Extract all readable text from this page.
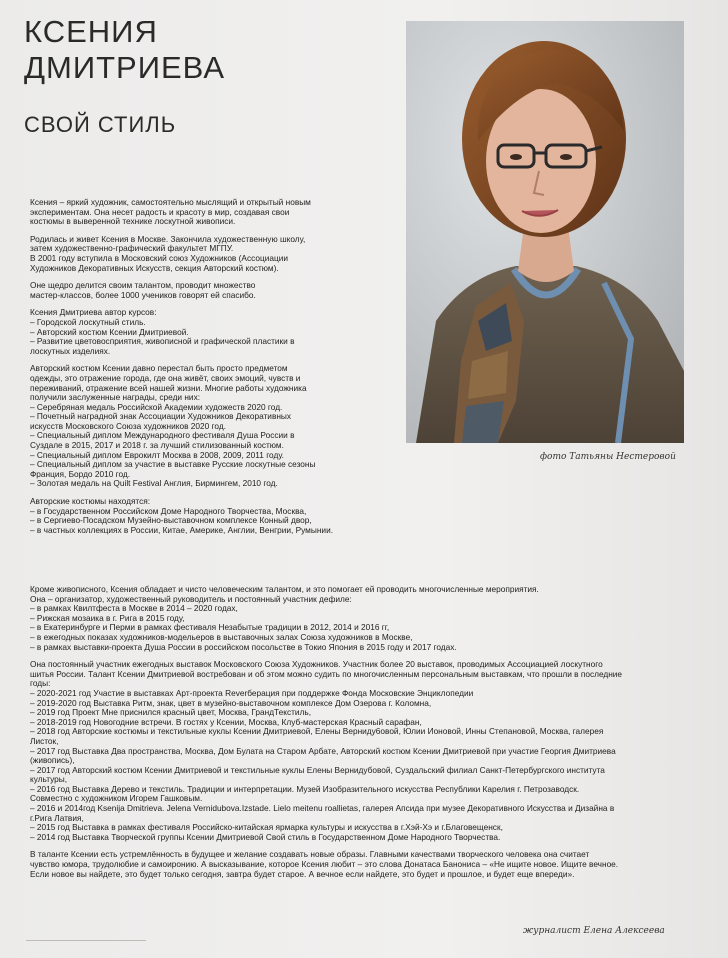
КСЕНИЯ
ДМИТРИЕВА
СВОЙ СТИЛЬ
фото Татьяны Нестеровой
Ксения – яркий художник, самостоятельно мыслящий и открытый новым
экспериментам. Она несет радость и красоту в мир, создавая свои
костюмы в выверенной технике лоскутной живописи.
Родилась и живет Ксения в Москве. Закончила художественную школу,
затем художественно-графический факультет МГПУ.
В 2001 году вступила в Московский союз Художников (Ассоциации
Художников Декоративных Искусств, секция Авторский костюм).
Оне щедро делится своим талантом, проводит множество
мастер-классов, более 1000 учеников говорят ей спасибо.
Ксения Дмитриева автор курсов:
– Городской лоскутный стиль.
– Авторский костюм Ксении Дмитриевой.
– Развитие цветовосприятия, живописной и графической пластики в
лоскутных изделиях.
Авторский костюм Ксении давно перестал быть просто предметом
одежды, это отражение города, где она живёт, своих эмоций, чувств и
переживаний, отражение всей нашей жизни. Многие работы художника
получили заслуженные награды, среди них:
– Серебряная медаль Российской Академии художеств 2020 год.
– Почетный наградной знак Ассоциации Художников Декоративных
искусств Московского Союза художников 2020 год.
– Специальный диплом Международного фестиваля Душа России в
Суздале в 2015, 2017 и 2018 г. за лучший стилизованный костюм.
– Специальный диплом Еврокилт Москва в 2008, 2009, 2011 году.
– Специальный диплом за участие в выставке Русские лоскутные сезоны
Франция, Бордо 2010 год.
– Золотая медаль на Quilt Festival Англия, Бирмингем, 2010 год.
Авторские костюмы находятся:
– в Государственном Российском Доме Народного Творчества, Москва,
– в Сергиево-Посадском Музейно-выставочном комплексе Конный двор,
– в частных коллекциях в России, Китае, Америке, Англии, Венгрии, Румынии.
Кроме живописного, Ксения обладает и чисто человеческим талантом, и это помогает ей проводить многочисленные мероприятия.
Она – организатор, художественный руководитель и постоянный участник дефиле:
– в рамках Квилтфеста в Москве в 2014 – 2020 годах,
– Рижская мозаика в г. Рига в 2015 году,
– в Екатеринбурге и Перми в рамках фестиваля Незабытые традиции в 2012, 2014 и 2016 гг,
– в ежегодных показах художников-модельеров в выставочных залах Союза художников в Москве,
– в рамках выставки-проекта Душа России в российском посольстве в Токио Япония в 2015 году и 2017 годах.
Она постоянный участник ежегодных выставок Московского Союза Художников. Участник более 20 выставок, проводимых Ассоциацией лоскутного
шитья России. Талант Ксении Дмитриевой востребован и об этом можно судить по многочисленным персональным выставкам, что прошли в последние
годы:
– 2020-2021 год Участие в выставках Арт-проекта Reverберация при поддержке Фонда Московские Энциклопедии
– 2019-2020 год Выставка Ритм, знак, цвет в музейно-выставочном комплексе Дом Озерова г. Коломна,
– 2019 год Проект Мне приснился красный цвет, Москва, ГрандТекстиль,
– 2018-2019 год Новогодние встречи. В гостях у Ксении, Москва, Клуб-мастерская Красный сарафан,
– 2018 год Авторские костюмы и текстильные куклы Ксении Дмитриевой, Елены Верниду6овой, Юлии Ионовой, Инны Степановой, Москва, галерея
Листок,
– 2017 год Выставка Два пространства, Москва, Дом Булата на Старом Арбате, Авторский костюм Ксении Дмитриевой при участие Георгия Дмитриева
(живопись),
– 2017 год Авторский костюм Ксении Дмитриевой и текстильные куклы Елены Вернидубовой, Суздальский филиал Санкт-Петербургского института
культуры,
– 2016 год Выставка Дерево и текстиль. Традиции и интерпретации. Музей Изобразительного искусства Республики Карелия г. Петрозаводск.
Совместно с художником Игорем Гашковым.
– 2016 и 2014год Ksenija Dmitrieva. Jelena Vernidubova.Izstade. Lielo meitenu roallietas, галерея Апсида при музее Декоративного Искусства и Дизайна в
г.Рига Латвия,
– 2015 год Выставка в рамках фестиваля Российско-китайская ярмарка культуры и искусства в г.Хэй-Хэ и г.Благовещенск,
– 2014 год Выставка Творческой группы Ксении Дмитриевой Свой стиль в Государственном Доме Народного Творчества.
В таланте Ксении есть устремлённость в будущее и желание создавать новые образы. Главными качествами творческого человека она считает
чувство юмора, трудолюбие и самоиронию. А высказывание, которое Ксения любит – это слова Донатаса Банониса – «Не ищите новое. Ищите вечное.
Если новое вы найдете, это будет только сегодня, завтра будет старое. А вечное если найдете, это будет и прошлое, и будет еще впереди».
журналист Елена Алексеева
